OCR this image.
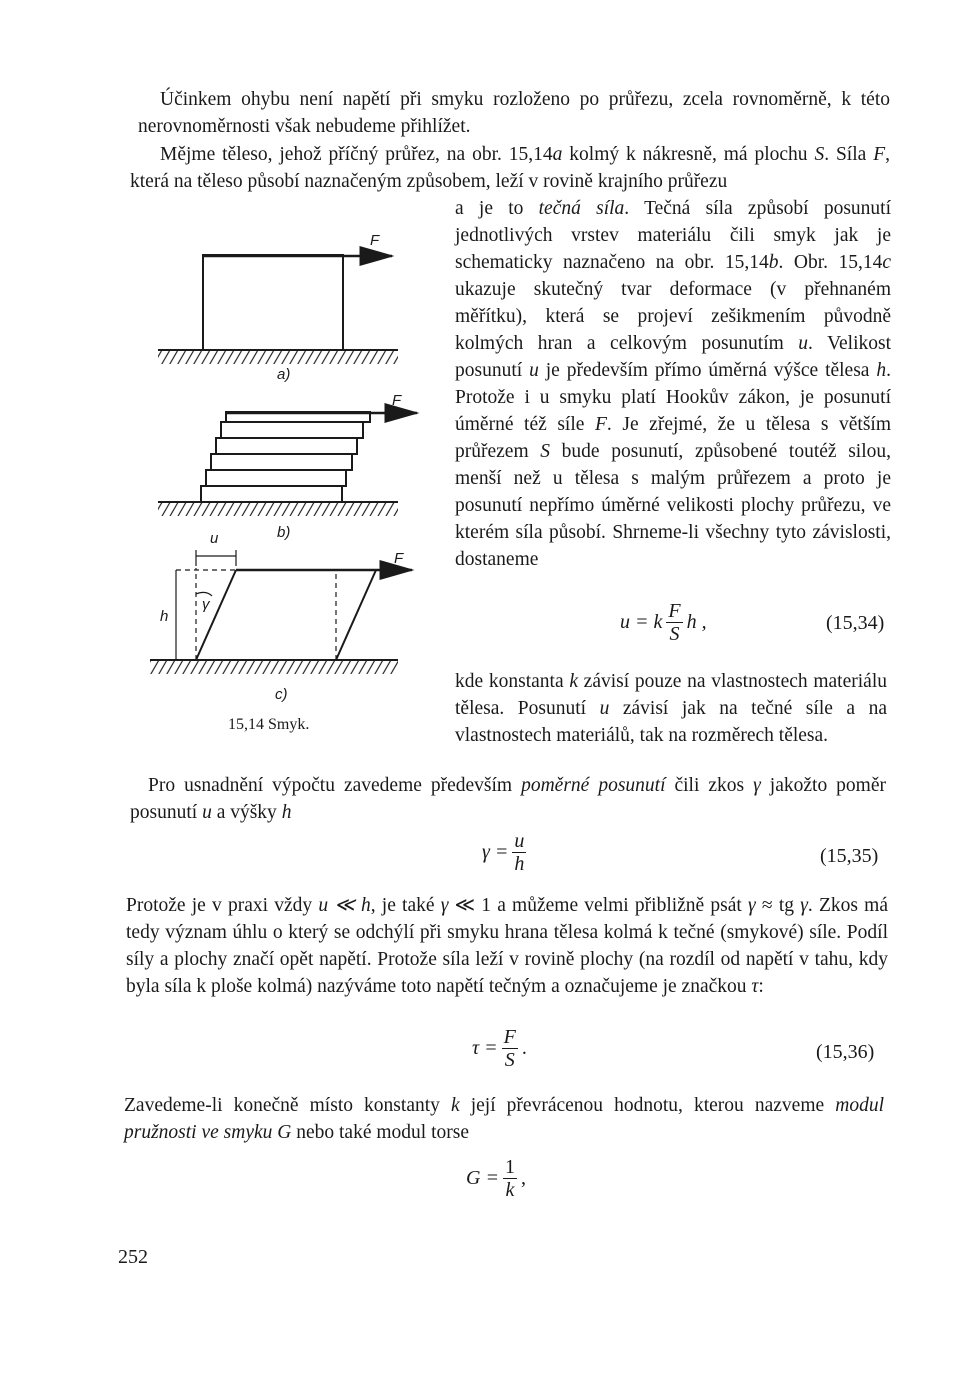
Účinkem ohybu není napětí při smyku rozloženo po průřezu, zcela rovnoměrně, k této nerovnoměrnosti však nebudeme přihlížet.

Mějme těleso, jehož příčný průřez, na obr. 15,14a kolmý k nákresně, má plochu S. Síla F, která na těleso působí naznačeným způsobem, leží v rovině krajního průřezu

a je to tečná síla. Tečná síla způsobí posunutí jednotlivých vrstev materiálu čili smyk jak je schematicky naznačeno na obr. 15,14b. Obr. 15,14c ukazuje skutečný tvar deformace (v přehnaném měřítku), která se projeví zešikmením původně kolmých hran a celkovým posunutím u. Velikost posunutí u je především přímo úměrná výšce tělesa h. Protože i u smyku platí Hookův zákon, je posunutí úměrné též síle F. Je zřejmé, že u tělesa s větším průřezem S bude posunutí, způsobené toutéž silou, menší než u tělesa s malým průřezem a proto je posunutí nepřímo úměrné velikosti plochy průřezu, ve kterém síla působí. Shrneme-li všechny tyto závislosti, dostaneme

u = k $\frac{F}{S}$ h ,	(15,34)

kde konstanta k závisí pouze na vlastnostech materiálu tělesa. Posunutí u závisí jak na tečné síle a na vlastnostech materiálů, tak na rozměrech tělesa.

Pro usnadnění výpočtu zavedeme především poměrné posunutí čili zkos γ jakožto poměr posunutí u a výšky h

$\gamma = \frac{u}{h}$	(15,35)

Protože je v praxi vždy u ≪ h, je také γ ≪ 1 a můžeme velmi přibližně psát γ ≈ tg γ. Zkos má tedy význam úhlu o který se odchýlí při smyku hrana tělesa kolmá k tečné (smykové) síle. Podíl síly a plochy značí opět napětí. Protože síla leží v rovině plochy (na rozdíl od napětí v tahu, kdy byla síla k ploše kolmá) nazýváme toto napětí tečným a označujeme je značkou τ:

$\tau = \frac{F}{S}$ .	(15,36)

Zavedeme-li konečně místo konstanty k její převrácenou hodnotu, kterou nazveme modul pružnosti ve smyku G nebo také modul torse

$G = \frac{1}{k}$ ,
252
F
a)
F
b)
u
F
h
γ
c)
15,14 Smyk.
